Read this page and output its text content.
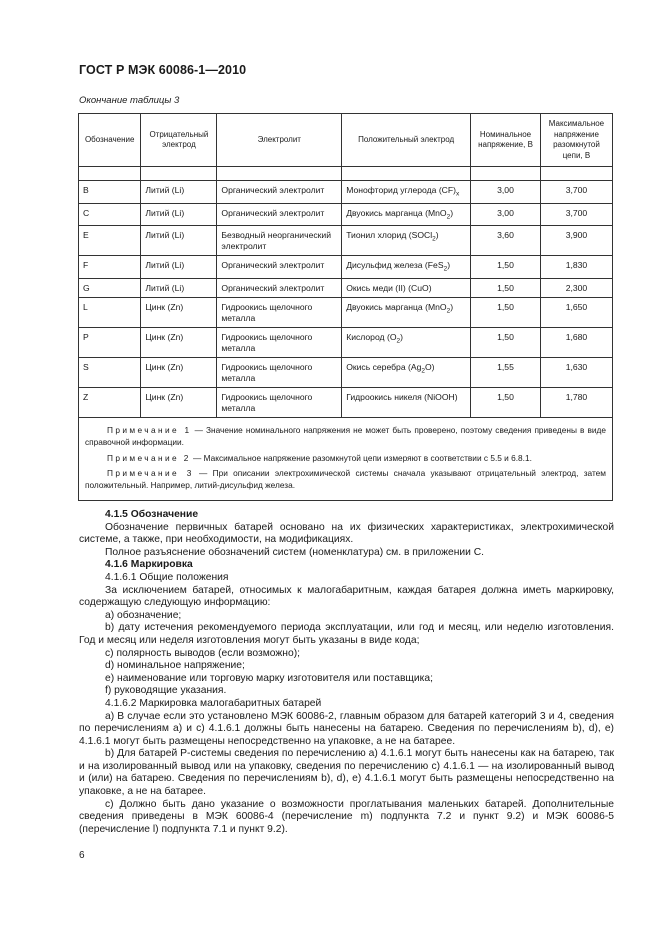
ГОСТ Р МЭК 60086-1—2010
Окончание таблицы 3
Обозначение	Отрицательный электрод	Электролит	Положительный электрод	Номинальное напряжение, В	Максимальное напряжение разомкнутой цепи, В

B	Литий (Li)	Органический электролит	Монофторид углерода $(CF)_x$	3,00	3,700
C	Литий (Li)	Органический электролит	Двуокись марганца (MnO$_2$)	3,00	3,700
E	Литий (Li)	Безводный неорганический электролит	Тионил хлорид (SOCl$_2$)	3,60	3,900
F	Литий (Li)	Органический электролит	Дисульфид железа (FeS$_2$)	1,50	1,830
G	Литий (Li)	Органический электролит	Окись меди (II) (CuO)	1,50	2,300
L	Цинк (Zn)	Гидроокись щелочного металла	Двуокись марганца (MnO$_2$)	1,50	1,650
P	Цинк (Zn)	Гидроокись щелочного металла	Кислород $(O_2)$	1,50	1,680
S	Цинк (Zn)	Гидроокись щелочного металла	Окись серебра $(Ag_2O)$	1,55	1,630
Z	Цинк (Zn)	Гидроокись щелочного металла	Гидроокись никеля (NiOOH)	1,50	1,780

Примечание 1 — Значение номинального напряжения не может быть проверено, поэтому сведения приведены в виде справочной информации.

Примечание 2 — Максимальное напряжение разомкнутой цепи измеряют в соответствии с 5.5 и 6.8.1.

Примечание 3 — При описании электрохимической системы сначала указывают отрицательный электрод, затем положительный. Например, литий-дисульфид железа.					

4.1.5 Обозначение

Обозначение первичных батарей основано на их физических характеристиках, электрохимической системе, а также, при необходимости, на модификациях.

Полное разъяснение обозначений систем (номенклатура) см. в приложении С.

4.1.6 Маркировка

4.1.6.1 Общие положения

За исключением батарей, относимых к малогабаритным, каждая батарея должна иметь маркировку, содержащую следующую информацию:

а) обозначение;

b) дату истечения рекомендуемого периода эксплуатации, или год и месяц, или неделю изготовления. Год и месяц или неделя изготовления могут быть указаны в виде кода;

c) полярность выводов (если возможно);

d) номинальное напряжение;

e) наименование или торговую марку изготовителя или поставщика;

f) руководящие указания.

4.1.6.2 Маркировка малогабаритных батарей

а) В случае если это установлено МЭК 60086-2, главным образом для батарей категорий 3 и 4, сведения по перечислениям а) и с) 4.1.6.1 должны быть нанесены на батарею. Сведения по перечислениям b), d), e) 4.1.6.1 могут быть размещены непосредственно на упаковке, а не на батарее.

b) Для батарей Р-системы сведения по перечислению а) 4.1.6.1 могут быть нанесены как на батарею, так и на изолированный вывод или на упаковку, сведения по перечислению с) 4.1.6.1 — на изолированный вывод и (или) на батарею. Сведения по перечислениям b), d), e) 4.1.6.1 могут быть размещены непосредственно на упаковке, а не на батарее.

c) Должно быть дано указание о возможности проглатывания маленьких батарей. Дополнительные сведения приведены в МЭК 60086-4 (перечисление m) подпункта 7.2 и пункт 9.2) и МЭК 60086-5 (перечисление l) подпункта 7.1 и пункт 9.2).

6
